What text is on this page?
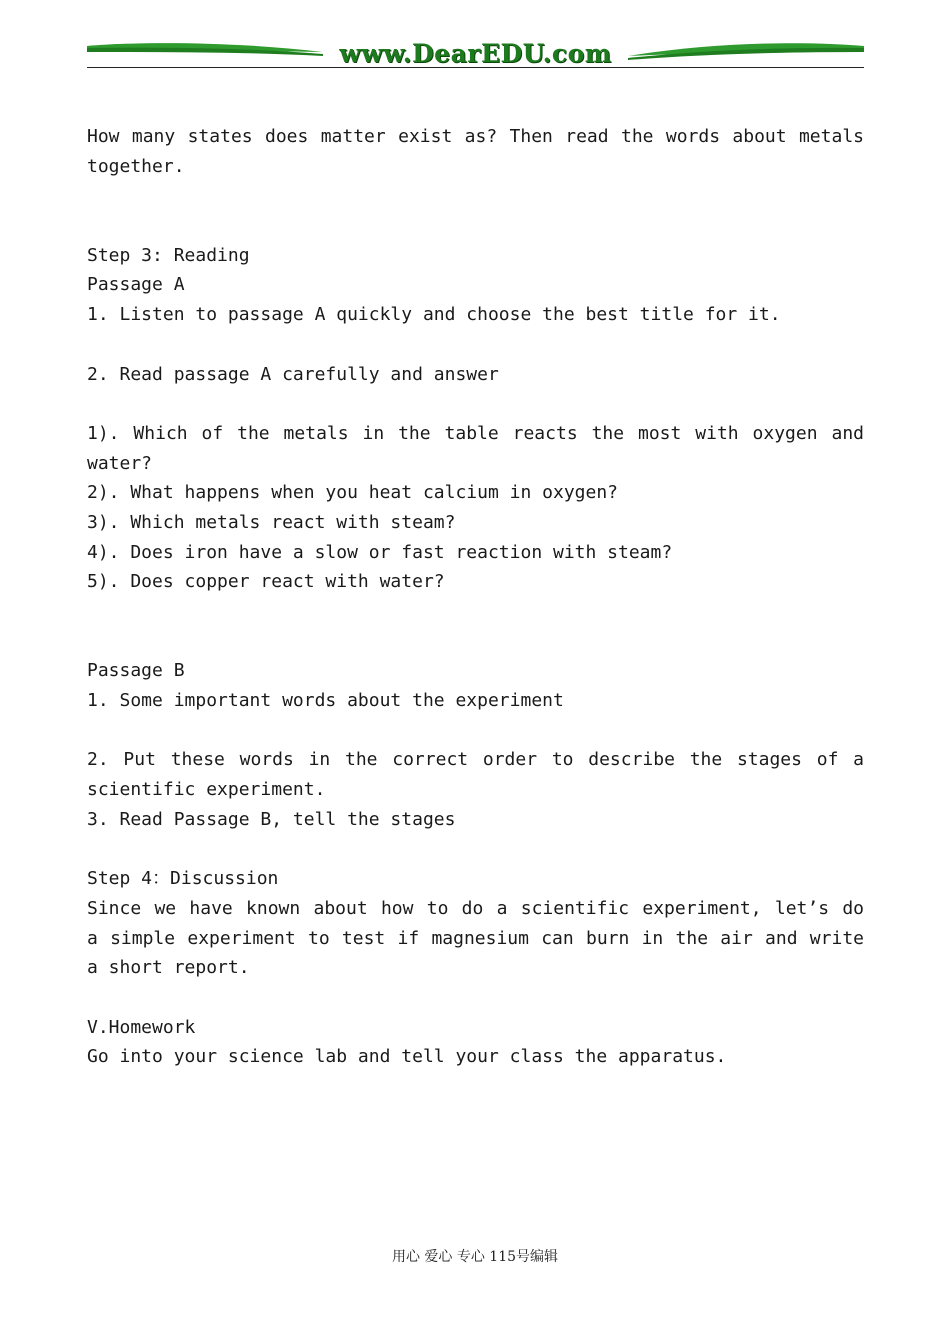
www.DearEDU.com
How many states does matter exist as? Then read the words about metals
together.
Step 3: Reading
Passage A
1. Listen to passage A quickly and choose the best title for it.
2. Read passage A carefully and answer
1). Which of the metals in the table reacts the most with oxygen and
water?
2). What happens when you heat calcium in oxygen?
3). Which metals react with steam?
4). Does iron have a slow or fast reaction with steam?
5). Does copper react with water?
Passage B
1. Some important words about the experiment
2. Put these words in the correct order to describe the stages of a
scientific experiment.
3. Read Passage B, tell the stages
Step 4：Discussion
Since we have known about how to do a scientific experiment, let’s do
a simple experiment to test if magnesium can burn in the air and write
a short report.
V.Homework
Go into your science lab and tell your class the apparatus.
用心 爱心 专心 115号编辑
